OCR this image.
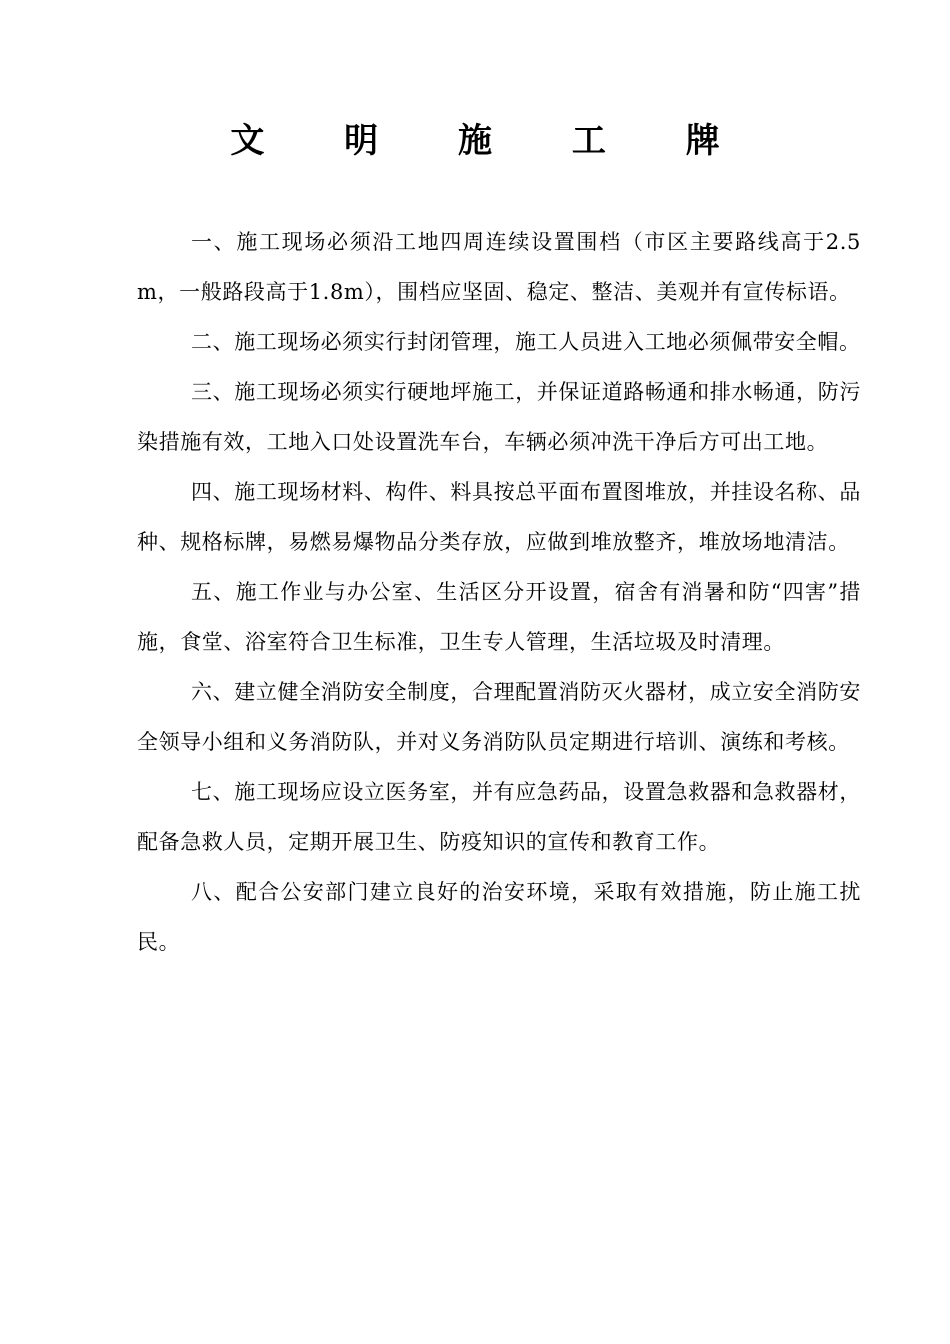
文 明 施 工 牌

一、施工现场必须沿工地四周连续设置围档（市区主要路线高于2.5m，一般路段高于1.8m），围档应坚固、稳定、整洁、美观并有宣传标语。

二、施工现场必须实行封闭管理，施工人员进入工地必须佩带安全帽。

三、施工现场必须实行硬地坪施工，并保证道路畅通和排水畅通，防污染措施有效，工地入口处设置洗车台，车辆必须冲洗干净后方可出工地。

四、施工现场材料、构件、料具按总平面布置图堆放，并挂设名称、品种、规格标牌，易燃易爆物品分类存放，应做到堆放整齐，堆放场地清洁。

五、施工作业与办公室、生活区分开设置，宿舍有消暑和防“四害”措施，食堂、浴室符合卫生标准，卫生专人管理，生活垃圾及时清理。

六、建立健全消防安全制度，合理配置消防灭火器材，成立安全消防安全领导小组和义务消防队，并对义务消防队员定期进行培训、演练和考核。

七、施工现场应设立医务室，并有应急药品，设置急救器和急救器材，配备急救人员，定期开展卫生、防疫知识的宣传和教育工作。

八、配合公安部门建立良好的治安环境，采取有效措施，防止施工扰民。
